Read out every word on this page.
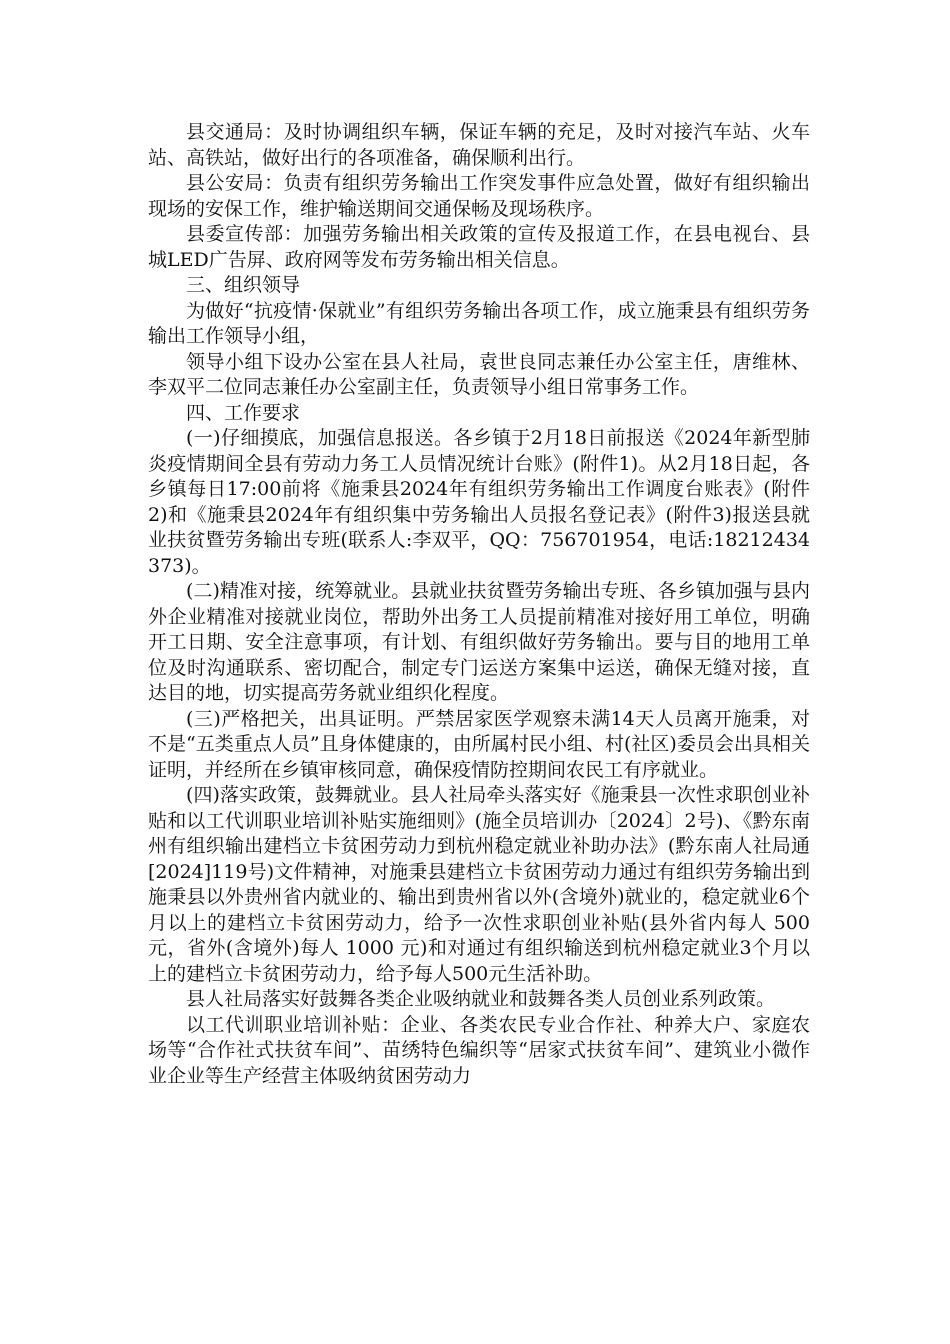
县交通局：及时协调组织车辆，保证车辆的充足，及时对接汽车站、火车站、高铁站，做好出行的各项准备，确保顺利出行。

县公安局：负责有组织劳务输出工作突发事件应急处置，做好有组织输出现场的安保工作，维护输送期间交通保畅及现场秩序。

县委宣传部：加强劳务输出相关政策的宣传及报道工作，在县电视台、县城LED广告屏、政府网等发布劳务输出相关信息。

三、组织领导

为做好“抗疫情·保就业”有组织劳务输出各项工作，成立施秉县有组织劳务输出工作领导小组，

领导小组下设办公室在县人社局，袁世良同志兼任办公室主任，唐维林、李双平二位同志兼任办公室副主任，负责领导小组日常事务工作。

四、工作要求

(一)仔细摸底，加强信息报送。各乡镇于2月18日前报送《2024年新型肺炎疫情期间全县有劳动力务工人员情况统计台账》(附件1)。从2月18日起，各乡镇每日17:00前将《施秉县2024年有组织劳务输出工作调度台账表》(附件2)和《施秉县2024年有组织集中劳务输出人员报名登记表》(附件3)报送县就业扶贫暨劳务输出专班(联系人:李双平，QQ：756701954，电话:18212434373)。

(二)精准对接，统筹就业。县就业扶贫暨劳务输出专班、各乡镇加强与县内外企业精准对接就业岗位，帮助外出务工人员提前精准对接好用工单位，明确开工日期、安全注意事项，有计划、有组织做好劳务输出。要与目的地用工单位及时沟通联系、密切配合，制定专门运送方案集中运送，确保无缝对接，直达目的地，切实提高劳务就业组织化程度。

(三)严格把关，出具证明。严禁居家医学观察未满14天人员离开施秉，对不是“五类重点人员”且身体健康的，由所属村民小组、村(社区)委员会出具相关证明，并经所在乡镇审核同意，确保疫情防控期间农民工有序就业。

(四)落实政策，鼓舞就业。县人社局牵头落实好《施秉县一次性求职创业补贴和以工代训职业培训补贴实施细则》(施全员培训办〔2024〕2号)、《黔东南州有组织输出建档立卡贫困劳动力到杭州稳定就业补助办法》(黔东南人社局通[2024]119号)文件精神，对施秉县建档立卡贫困劳动力通过有组织劳务输出到施秉县以外贵州省内就业的、输出到贵州省以外(含境外)就业的，稳定就业6个月以上的建档立卡贫困劳动力，给予一次性求职创业补贴(县外省内每人 500 元，省外(含境外)每人 1000 元)和对通过有组织输送到杭州稳定就业3个月以上的建档立卡贫困劳动力，给予每人500元生活补助。

县人社局落实好鼓舞各类企业吸纳就业和鼓舞各类人员创业系列政策。

以工代训职业培训补贴：企业、各类农民专业合作社、种养大户、家庭农场等“合作社式扶贫车间”、苗绣特色编织等“居家式扶贫车间”、建筑业小微作业企业等生产经营主体吸纳贫困劳动力
